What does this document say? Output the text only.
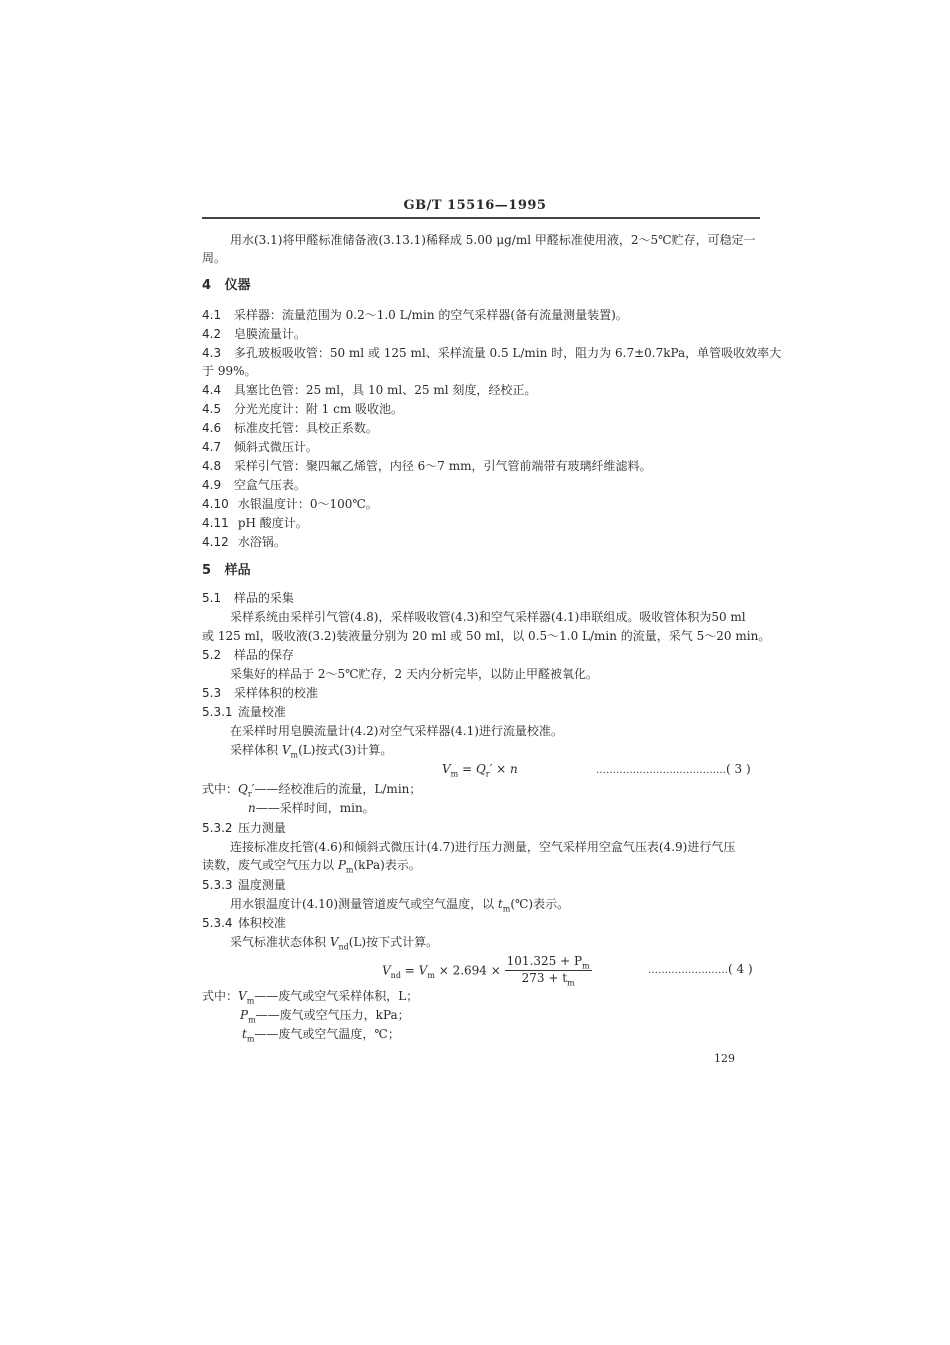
GB/T 15516—1995
用水(3.1)将甲醛标准储备液(3.13.1)稀释成 5.00 μg/ml 甲醛标准使用液，2～5℃贮存，可稳定一
周。
4 仪器
4.1 采样器：流量范围为 0.2～1.0 L/min 的空气采样器(备有流量测量装置)。
4.2 皂膜流量计。
4.3 多孔玻板吸收管：50 ml 或 125 ml、采样流量 0.5 L/min 时，阻力为 6.7±0.7kPa，单管吸收效率大
于 99%。
4.4 具塞比色管：25 ml，具 10 ml、25 ml 刻度，经校正。
4.5 分光光度计：附 1 cm 吸收池。
4.6 标准皮托管：具校正系数。
4.7 倾斜式微压计。
4.8 采样引气管：聚四氟乙烯管，内径 6～7 mm，引气管前端带有玻璃纤维滤料。
4.9 空盒气压表。
4.10 水银温度计：0～100℃。
4.11 pH 酸度计。
4.12 水浴锅。
5 样品
5.1 样品的采集
采样系统由采样引气管(4.8)，采样吸收管(4.3)和空气采样器(4.1)串联组成。吸收管体积为50 ml
或 125 ml，吸收液(3.2)装液量分别为 20 ml 或 50 ml，以 0.5～1.0 L/min 的流量，采气 5～20 min。
5.2 样品的保存
采集好的样品于 2～5℃贮存，2 天内分析完毕，以防止甲醛被氧化。
5.3 采样体积的校准
5.3.1 流量校准
在采样时用皂膜流量计(4.2)对空气采样器(4.1)进行流量校准。
采样体积 $V_m(L)$按式(3)计算。
$V_m = Q_r' \times n$	…………………………………( 3 )
式中：$Q_r'——$经校准后的流量，L/min；
n——采样时间，min。
5.3.2 压力测量
连接标准皮托管(4.6)和倾斜式微压计(4.7)进行压力测量，空气采样用空盒气压表(4.9)进行气压
读数，废气或空气压力以 $P_m(kPa)$表示。
5.3.3 温度测量
用水银温度计(4.10)测量管道废气或空气温度，以 $t_m(℃)$表示。
5.3.4 体积校准
采气标准状态体积 $V_{nd}(L)$按下式计算。
$V_{nd} = V_m \times 2.694 \times \frac{101.325 + P_m}{273 + t_m}$	……………………( 4 )
式中：$V_m——$废气或空气采样体积，L；
$P_m——$废气或空气压力，kPa；
$t_m——$废气或空气温度，℃；
129
